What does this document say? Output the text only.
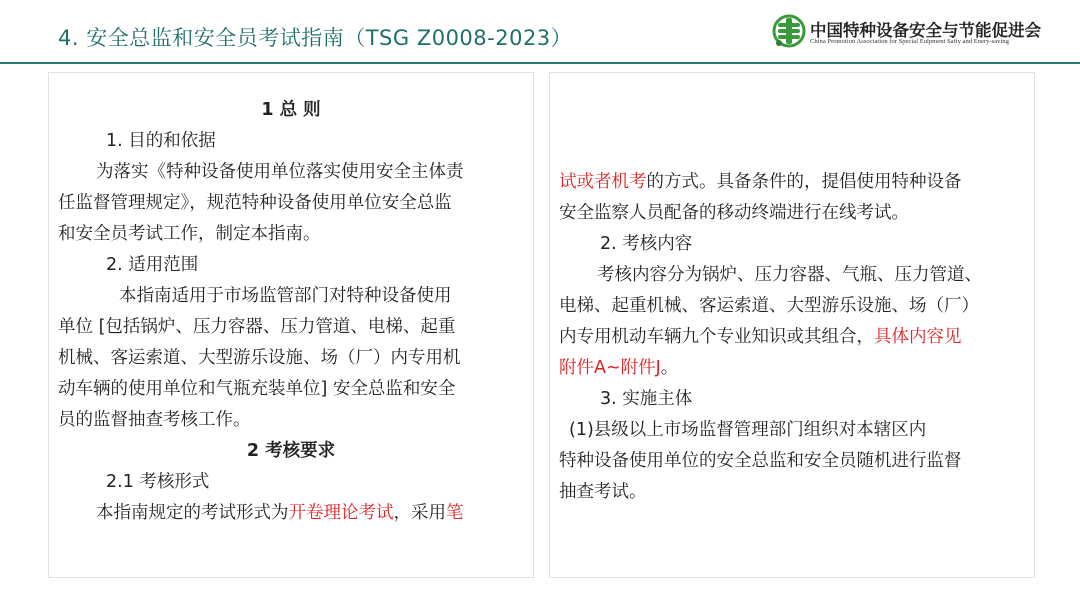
4. 安全总监和安全员考试指南（TSG Z0008-2023）	中国特种设备安全与节能促进会
China Promotion Association for Special Eulpment Safty and Enery-saving
1 总 则
1. 目的和依据
为落实《特种设备使用单位落实使用安全主体责
任监督管理规定》，规范特种设备使用单位安全总监
和安全员考试工作，制定本指南。
2. 适用范围
本指南适用于市场监管部门对特种设备使用
单位 [包括锅炉、压力容器、压力管道、电梯、起重
机械、客运索道、大型游乐设施、场（厂）内专用机
动车辆的使用单位和气瓶充装单位] 安全总监和安全
员的监督抽查考核工作。
2 考核要求
2.1 考核形式
本指南规定的考试形式为开卷理论考试，采用笔
试或者机考的方式。具备条件的，提倡使用特种设备
安全监察人员配备的移动终端进行在线考试。
2. 考核内容
考核内容分为锅炉、压力容器、气瓶、压力管道、
电梯、起重机械、客运索道、大型游乐设施、场（厂）
内专用机动车辆九个专业知识或其组合，具体内容见
附件A~附件J。
3. 实施主体
(1)县级以上市场监督管理部门组织对本辖区内
特种设备使用单位的安全总监和安全员随机进行监督
抽查考试。
